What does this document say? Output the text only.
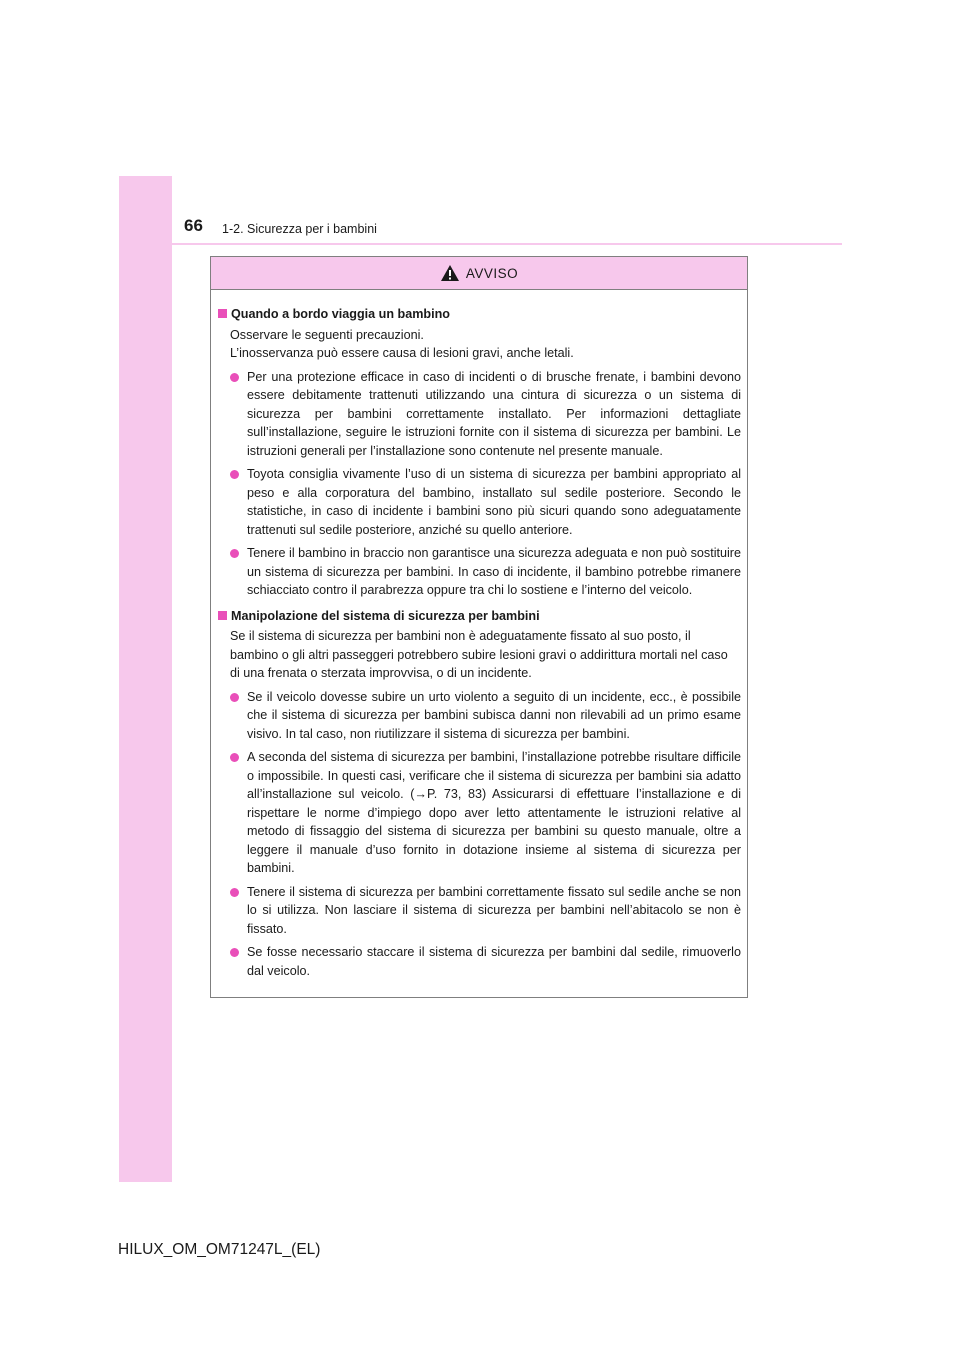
66 1-2. Sicurezza per i bambini
AVVISO
Quando a bordo viaggia un bambino

Osservare le seguenti precauzioni.

L’inosservanza può essere causa di lesioni gravi, anche letali.

Per una protezione efficace in caso di incidenti o di brusche frenate, i bambini devono essere debitamente trattenuti utilizzando una cintura di sicurezza o un sistema di sicurezza per bambini correttamente installato. Per informazioni dettagliate sull’installazione, seguire le istruzioni fornite con il sistema di sicurezza per bambini. Le istruzioni generali per l’installazione sono contenute nel presente manuale.
Toyota consiglia vivamente l’uso di un sistema di sicurezza per bambini appropriato al peso e alla corporatura del bambino, installato sul sedile posteriore. Secondo le statistiche, in caso di incidente i bambini sono più sicuri quando sono adeguatamente trattenuti sul sedile posteriore, anziché su quello anteriore.
Tenere il bambino in braccio non garantisce una sicurezza adeguata e non può sostituire un sistema di sicurezza per bambini. In caso di incidente, il bambino potrebbe rimanere schiacciato contro il parabrezza oppure tra chi lo sostiene e l’interno del veicolo.
Manipolazione del sistema di sicurezza per bambini

Se il sistema di sicurezza per bambini non è adeguatamente fissato al suo posto, il bambino o gli altri passeggeri potrebbero subire lesioni gravi o addirittura mortali nel caso di una frenata o sterzata improvvisa, o di un incidente.

Se il veicolo dovesse subire un urto violento a seguito di un incidente, ecc., è possibile che il sistema di sicurezza per bambini subisca danni non rilevabili ad un primo esame visivo. In tal caso, non riutilizzare il sistema di sicurezza per bambini.
A seconda del sistema di sicurezza per bambini, l’installazione potrebbe risultare difficile o impossibile. In questi casi, verificare che il sistema di sicurezza per bambini sia adatto all’installazione sul veicolo. (→P. 73, 83) Assicurarsi di effettuare l’installazione e di rispettare le norme d’impiego dopo aver letto attentamente le istruzioni relative al metodo di fissaggio del sistema di sicurezza per bambini su questo manuale, oltre a leggere il manuale d’uso fornito in dotazione insieme al sistema di sicurezza per bambini.
Tenere il sistema di sicurezza per bambini correttamente fissato sul sedile anche se non lo si utilizza. Non lasciare il sistema di sicurezza per bambini nell’abitacolo se non è fissato.
Se fosse necessario staccare il sistema di sicurezza per bambini dal sedile, rimuoverlo dal veicolo.
HILUX_OM_OM71247L_(EL)
